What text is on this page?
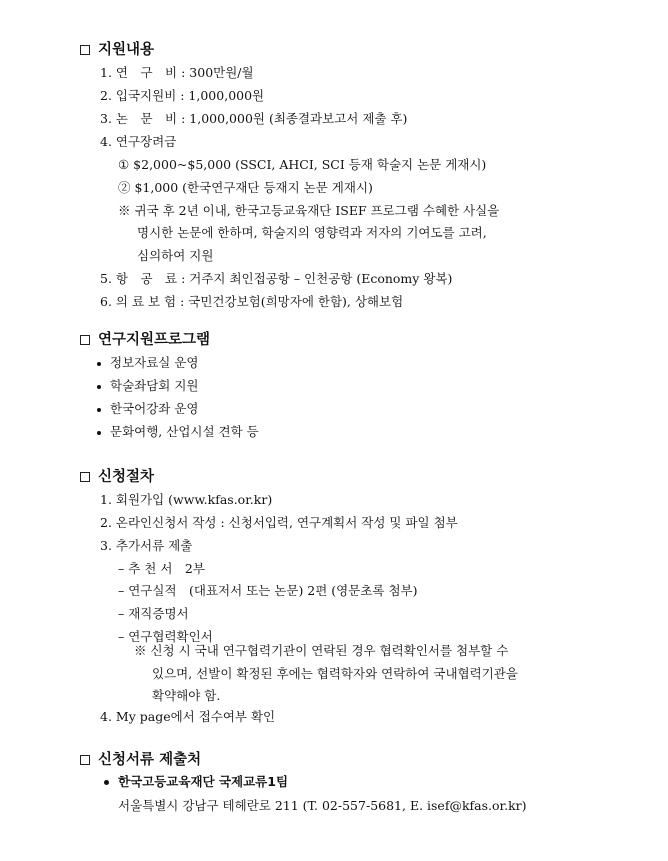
지원내용
1. 연　구　비 : 300만원/월
2. 입국지원비 : 1,000,000원
3. 논　문　비 : 1,000,000원 (최종결과보고서 제출 후)
4. 연구장려금
① $2,000~$5,000 (SSCI, AHCI, SCI 등재 학술지 논문 게재시)
② $1,000 (한국연구재단 등재지 논문 게재시)
※ 귀국 후 2년 이내, 한국고등교육재단 ISEF 프로그램 수혜한 사실을
명시한 논문에 한하며, 학술지의 영향력과 저자의 기여도를 고려,
심의하여 지원
5. 항　공　료 : 거주지 최인접공항 – 인천공항 (Economy 왕복)
6. 의 료 보 험 : 국민건강보험(희망자에 한함), 상해보험
연구지원프로그램
정보자료실 운영
학술좌담회 지원
한국어강좌 운영
문화여행, 산업시설 견학 등
신청절차
1. 회원가입 (www.kfas.or.kr)
2. 온라인신청서 작성 : 신청서입력, 연구계획서 작성 및 파일 첨부
3. 추가서류 제출
– 추 천 서　2부
– 연구실적　(대표저서 또는 논문) 2편 (영문초록 첨부)
– 재직증명서
– 연구협력확인서
※ 신청 시 국내 연구협력기관이 연락된 경우 협력확인서를 첨부할 수
있으며, 선발이 확정된 후에는 협력학자와 연락하여 국내협력기관을
확약해야 함.
4. My page에서 접수여부 확인
신청서류 제출처
한국고등교육재단 국제교류1팀
서울특별시 강남구 테헤란로 211 (T. 02-557-5681, E. isef@kfas.or.kr)
